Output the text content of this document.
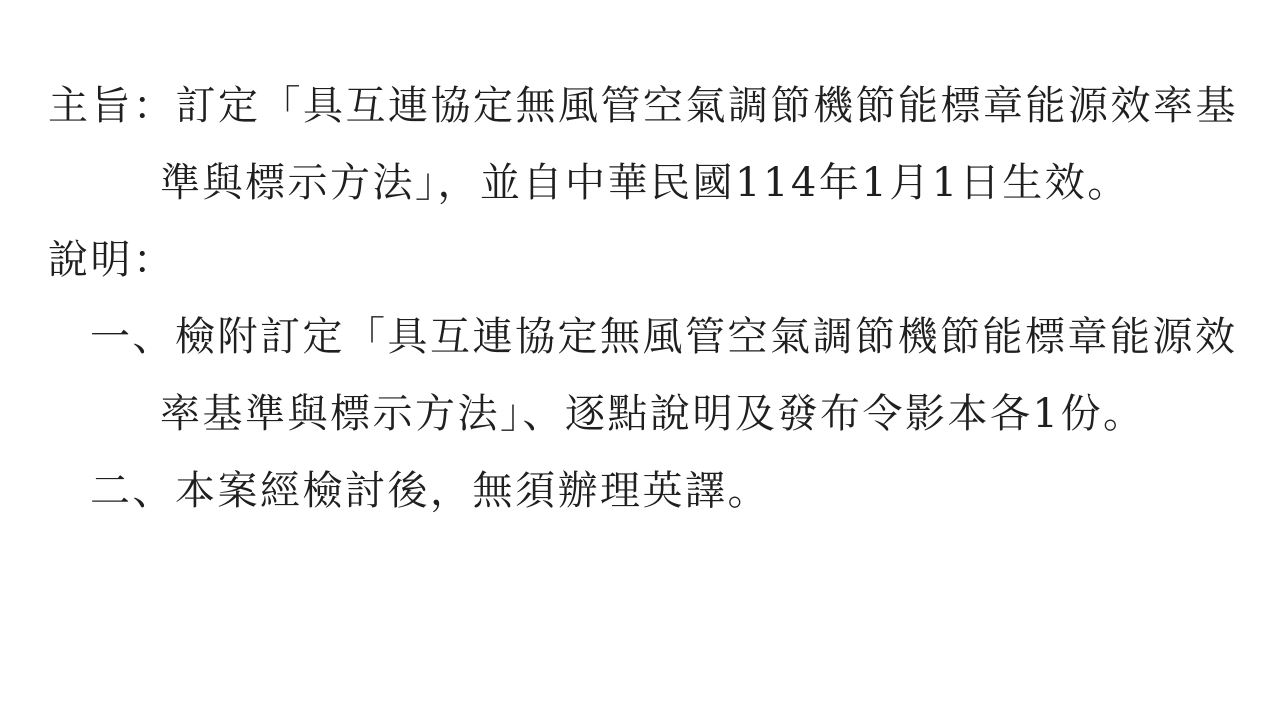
主旨：訂定「具互連協定無風管空氣調節機節能標章能源效率基
準與標示方法」，並自中華民國114年1月1日生效。
說明：
一、檢附訂定「具互連協定無風管空氣調節機節能標章能源效
率基準與標示方法」、逐點說明及發布令影本各1份。
二、本案經檢討後，無須辦理英譯。
